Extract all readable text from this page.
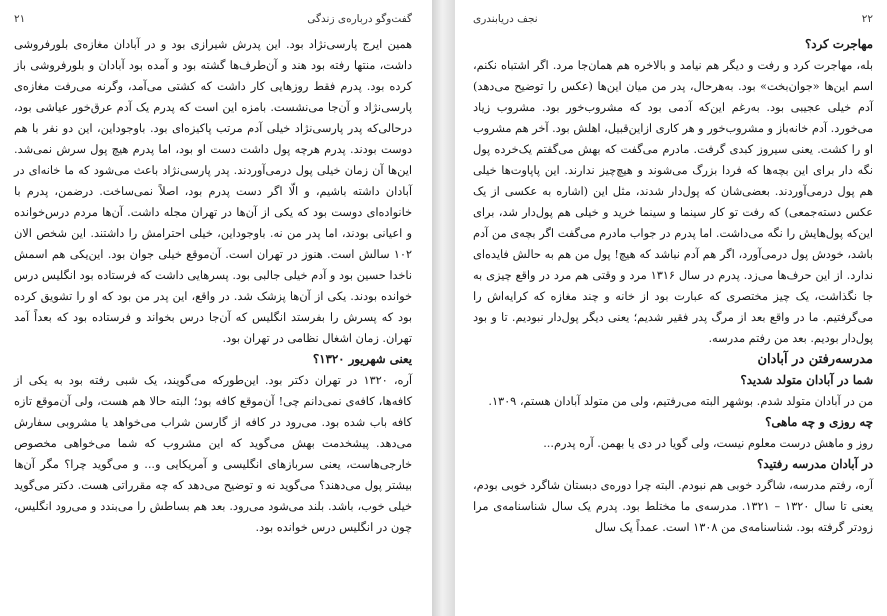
گفت‌وگو درباره‌ی زندگی
۲۱

همین ایرج پارسی‌نژاد بود. این پدرش شیرازی بود و در آبادان مغازه‌ی بلورفروشی داشت، منتها رفته بود هند و آن‌طرف‌ها گشته بود و آمده بود آبادان و بلورفروشی باز کرده بود. پدرم فقط روزهایی کار داشت که کشتی می‌آمد، وگرنه می‌رفت مغازه‌ی پارسی‌نژاد و آن‌جا می‌نشست. بامزه این است که پدرم یک آدم عرق‌خور عیاشی بود، درحالی‌که پدر پارسی‌نژاد خیلی آدم مرتب پاکیزه‌ای بود. باوجوداین، این دو نفر با هم دوست بودند. پدرم هرچه پول داشت دست او بود، اما پدرم هیچ پول سرش نمی‌شد. این‌ها آن زمان خیلی پول درمی‌آوردند. پدر پارسی‌نژاد باعث می‌شود که ما خانه‌ای در آبادان داشته باشیم، و الّا اگر دست پدرم بود، اصلاً نمی‌ساخت. درضمن، پدرم با خانواده‌ای دوست بود که یکی از آن‌ها در تهران مجله داشت. آن‌ها مردم درس‌خوانده و اعیانی بودند، اما پدر من نه. باوجوداین، خیلی احترامش را داشتند. این شخص الان ۱۰۲ سالش است. هنوز در تهران است. آن‌موقع خیلی جوان بود. این‌یکی هم اسمش ناخدا حسین بود و آدم خیلی جالبی بود. پسرهایی داشت که فرستاده بود انگلیس درس خوانده بودند. یکی از آن‌ها پزشک شد. در واقع، این پدر من بود که او را تشویق کرده بود که پسرش را بفرستد انگلیس که آن‌جا درس بخواند و فرستاده بود که بعداً آمد تهران. زمان اشغال نظامی در تهران بود.

یعنی شهریور ۱۳۲۰؟

آره، ۱۳۲۰ در تهران دکتر بود. این‌طورکه می‌گویند، یک شبی رفته بود به یکی از کافه‌ها، کافه‌ی نمی‌دانم چی! آن‌موقع کافه بود؛ البته حالا هم هست، ولی آن‌موقع تازه کافه باب شده بود. می‌رود در کافه از گارسن شراب می‌خواهد یا مشروبی سفارش می‌دهد. پیشخدمت بهش می‌گوید که این مشروب که شما می‌خواهی مخصوص خارجی‌هاست، یعنی سربازهای انگلیسی و آمریکایی و... و می‌گوید چرا؟ مگر آن‌ها بیشتر پول می‌دهند؟ می‌گوید نه و توضیح می‌دهد که چه مقرراتی هست. دکتر می‌گوید خیلی خوب، باشد. بلند می‌شود می‌رود. بعد هم بساطش را می‌بندد و می‌رود انگلیس، چون در انگلیس درس خوانده بود.

۲۲
نجف دریابندری

مهاجرت کرد؟

بله، مهاجرت کرد و رفت و دیگر هم نیامد و بالاخره هم همان‌جا مرد. اگر اشتباه نکنم، اسم این‌ها «جوان‌بخت» بود. به‌هرحال، پدر من میان این‌ها (عکس را توضیح می‌دهد) آدم خیلی عجیبی بود. به‌رغم این‌که آدمی بود که مشروب‌خور بود. مشروب زیاد می‌خورد. آدم خانه‌باز و مشروب‌خور و هر کاری ازاین‌قبیل، اهلش بود. آخر هم مشروب او را کشت. یعنی سیروز کبدی گرفت. مادرم می‌گفت که بهش می‌گفتم یک‌خرده پول نگه دار برای این بچه‌ها که فردا بزرگ می‌شوند و هیچ‌چیز ندارند. این پاپاوت‌ها خیلی هم پول درمی‌آوردند. بعضی‌شان که پول‌دار شدند، مثل این (اشاره به عکسی از یک عکس دسته‌جمعی) که رفت تو کار سینما و سینما خرید و خیلی هم پول‌دار شد، برای این‌که پول‌هایش را نگه می‌داشت. اما پدرم در جواب مادرم می‌گفت اگر بچه‌ی من آدم باشد، خودش پول درمی‌آورد، اگر هم آدم نباشد که هیچ! پول من هم به حالش فایده‌ای ندارد. از این حرف‌ها می‌زد. پدرم در سال ۱۳۱۶ مرد و وقتی هم مرد در واقع چیزی به جا نگذاشت، یک چیز مختصری که عبارت بود از خانه و چند مغازه که کرایه‌اش را می‌گرفتیم. ما در واقع بعد از مرگ پدر فقیر شدیم؛ یعنی دیگر پول‌دار نبودیم. تا و بود پول‌دار بودیم. بعد من رفتم مدرسه.

مدرسه‌رفتن در آبادان

شما در آبادان متولد شدید؟

من در آبادان متولد شدم. بوشهر البته می‌رفتیم، ولی من متولد آبادان هستم، ۱۳۰۹.

چه روزی و چه ماهی؟

روز و ماهش درست معلوم نیست، ولی گویا در دی یا بهمن. آره پدرم...

در آبادان مدرسه رفتید؟

آره، رفتم مدرسه، شاگرد خوبی هم نبودم. البته چرا دوره‌ی دبستان شاگرد خوبی بودم، یعنی تا سال ۱۳۲۰ – ۱۳۲۱. مدرسه‌ی ما مختلط بود. پدرم یک سال شناسنامه‌ی مرا زودتر گرفته بود. شناسنامه‌ی من ۱۳۰۸ است. عمداً یک سال
